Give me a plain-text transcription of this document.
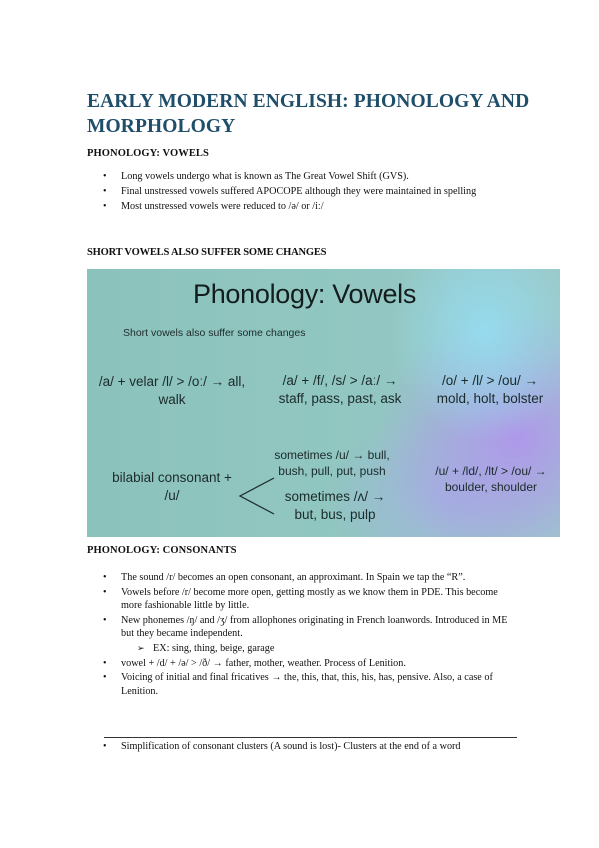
EARLY MODERN ENGLISH: PHONOLOGY AND MORPHOLOGY
PHONOLOGY: VOWELS
• Long vowels undergo what is known as The Great Vowel Shift (GVS).
• Final unstressed vowels suffered APOCOPE although they were maintained in spelling
• Most unstressed vowels were reduced to /ə/ or /iː/
SHORT VOWELS ALSO SUFFER SOME CHANGES
Phonology: Vowels
Short vowels also suffer some changes
/a/ + velar /l/ > /oː/ → all, walk
/a/ + /f/, /s/ > /aː/ → staff, pass, past, ask
/o/ + /l/ > /ou/ → mold, holt, bolster
bilabial consonant + /u/
sometimes /u/ → bull, bush, pull, put, push
sometimes /ʌ/ → but, bus, pulp
/u/ + /ld/, /lt/ > /ou/ → boulder, shoulder
PHONOLOGY: CONSONANTS
• The sound /r/ becomes an open consonant, an approximant. In Spain we tap the “R”.
• Vowels before /r/ become more open, getting mostly as we know them in PDE. This become more fashionable little by little.
• New phonemes /ŋ/ and /ʒ/ from allophones originating in French loanwords. Introduced in ME but they became independent.
➢ EX: sing, thing, beige, garage
• vowel + /d/ + /ə/ > /ð/ → father, mother, weather. Process of Lenition.
• Voicing of initial and final fricatives → the, this, that, this, his, has, pensive. Also, a case of Lenition.
• Simplification of consonant clusters (A sound is lost)- Clusters at the end of a word
